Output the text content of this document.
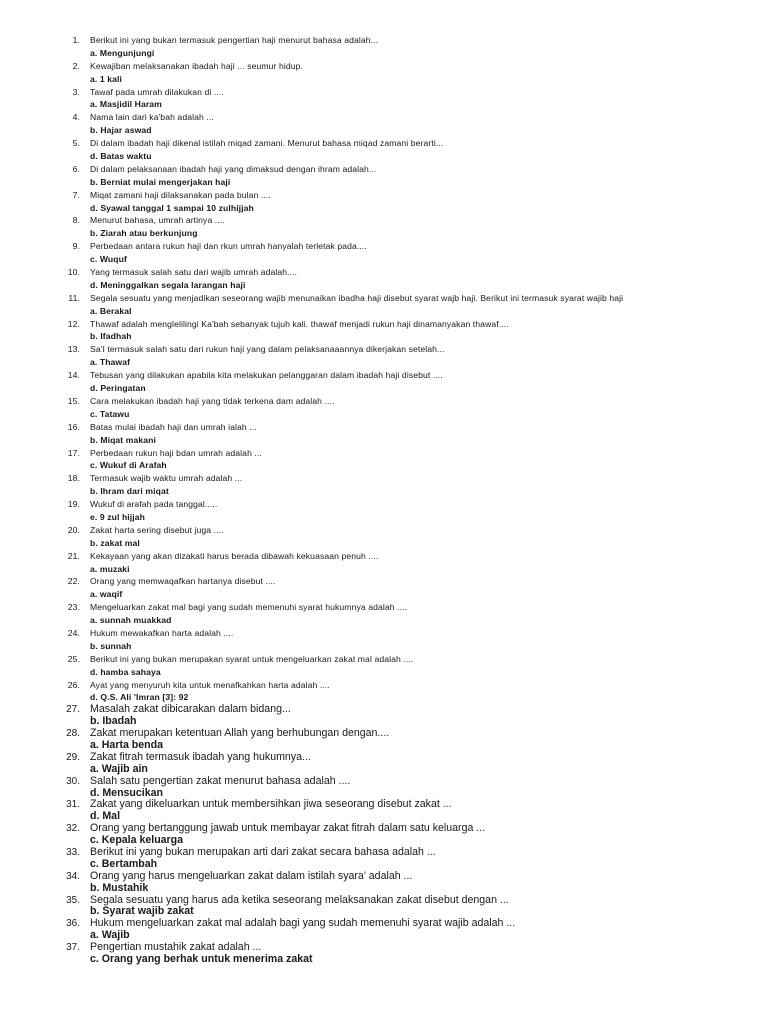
1. Berikut ini yang bukan termasuk pengertian haji menurut bahasa adalah...
a. Mengunjungi
2. Kewajiban melaksanakan ibadah haji ... seumur hidup.
a. 1 kali
3. Tawaf pada umrah dilakukan di ....
a. Masjidil Haram
4. Nama lain dari ka'bah adalah ...
b. Hajar aswad
5. Di dalam ibadah haji dikenal istilah miqad zamani. Menurut bahasa miqad zamani berarti...
d. Batas waktu
6. Di dalam pelaksanaan ibadah haji yang dimaksud dengan ihram adalah...
b. Berniat mulai mengerjakan haji
7. Miqat zamani haji dilaksanakan pada bulan ....
d. Syawal tanggal 1 sampai 10 zulhijjah
8. Menurut bahasa, umrah artinya ....
b. Ziarah atau berkunjung
9. Perbedaan antara rukun haji dan rkun umrah hanyalah terletak pada....
c. Wuquf
10. Yang termasuk salah satu dari wajib umrah adalah....
d. Meninggalkan segala larangan haji
11. Segala sesuatu yang menjadikan seseorang wajib menunaikan ibadha haji disebut syarat wajb haji. Berikut ini termasuk syarat wajib haji
a. Berakal
12. Thawaf adalah menglelilingi Ka'bah sebanyak tujuh kali. thawaf menjadi rukun haji dinamanyakan thawaf....
b. Ifadhah
13. Sa'I termasuk salah satu dari rukun haji yang dalam pelaksanaaannya dikerjakan setelah...
a. Thawaf
14. Tebusan yang dilakukan apabila kita melakukan pelanggaran dalam ibadah haji disebut ....
d. Peringatan
15. Cara melakukan ibadah haji yang tidak terkena dam adalah ....
c. Tatawu
16. Batas mulai ibadah haji dan umrah ialah ...
b. Miqat makani
17. Perbedaan rukun haji bdan umrah adalah ...
c. Wukuf di Arafah
18. Termasuk wajib waktu umrah adalah ...
b. Ihram dari miqat
19. Wukuf di arafah pada tanggal.....
e. 9 zul hijjah
20. Zakat harta sering disebut juga ....
b. zakat mal
21. Kekayaan yang akan dizakati harus berada dibawah kekuasaan penuh ....
a. muzaki
22. Orang yang memwaqafkan hartanya disebut ....
a. waqif
23. Mengeluarkan zakat mal bagi yang sudah memenuhi syarat hukumnya adalah ....
a. sunnah muakkad
24. Hukum mewakafkan harta adalah ....
b. sunnah
25. Berikut ini yang bukan merupakan syarat untuk mengeluarkan zakat mal adalah ....
d. hamba sahaya
26. Ayat yang menyuruh kita untuk menafkahkan harta adalah ....
d. Q.S. Ali 'Imran [3]: 92
27. Masalah zakat dibicarakan dalam bidang...
b. Ibadah
28. Zakat merupakan ketentuan Allah yang berhubungan dengan....
a. Harta benda
29. Zakat fitrah termasuk ibadah yang hukumnya...
a. Wajib ain
30. Salah satu pengertian zakat menurut bahasa adalah ....
d. Mensucikan
31. Zakat yang dikeluarkan untuk membersihkan jiwa seseorang disebut zakat ...
d. Mal
32. Orang yang bertanggung jawab untuk membayar zakat fitrah dalam satu keluarga ...
c. Kepala keluarga
33. Berikut ini yang bukan merupakan arti dari zakat secara bahasa adalah ...
c. Bertambah
34. Orang yang harus mengeluarkan zakat dalam istilah syara' adalah ...
b. Mustahik
35. Segala sesuatu yang harus ada ketika seseorang melaksanakan zakat disebut dengan ...
b. Syarat wajib zakat
36. Hukum mengeluarkan zakat mal adalah bagi yang sudah memenuhi syarat wajib adalah ...
a. Wajib
37. Pengertian mustahik zakat adalah ...
c. Orang yang berhak untuk menerima zakat
